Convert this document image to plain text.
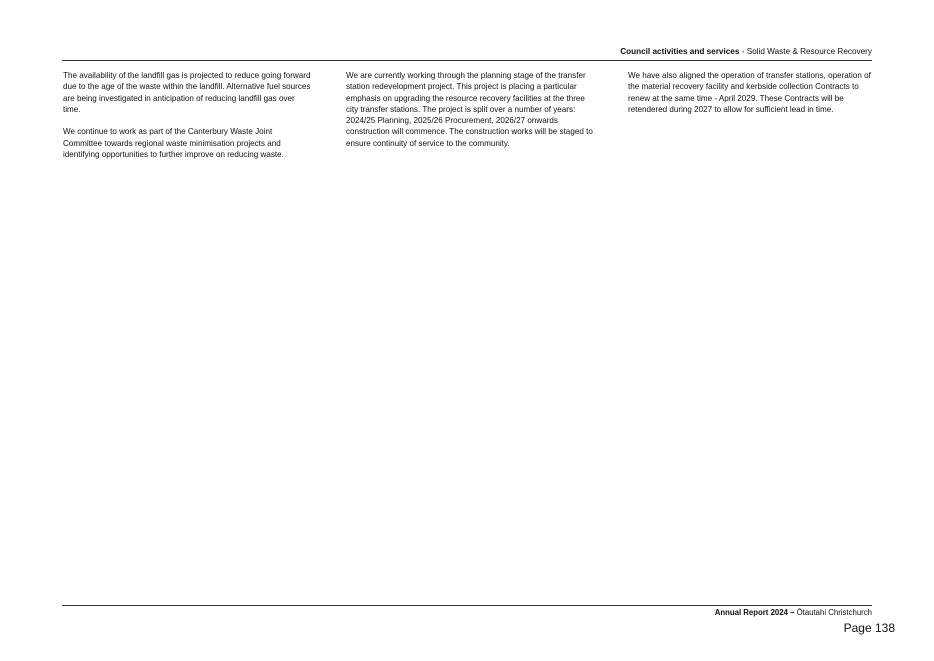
Council activities and services - Solid Waste & Resource Recovery

The availability of the landfill gas is projected to reduce going forward due to the age of the waste within the landfill. Alternative fuel sources are being investigated in anticipation of reducing landfill gas over time.

We continue to work as part of the Canterbury Waste Joint Committee towards regional waste minimisation projects and identifying opportunities to further improve on reducing waste.

We are currently working through the planning stage of the transfer station redevelopment project. This project is placing a particular emphasis on upgrading the resource recovery facilities at the three city transfer stations. The project is split over a number of years: 2024/25 Planning, 2025/26 Procurement, 2026/27 onwards construction will commence. The construction works will be staged to ensure continuity of service to the community.

We have also aligned the operation of transfer stations, operation of the material recovery facility and kerbside collection Contracts to renew at the same time - April 2029. These Contracts will be retendered during 2027 to allow for sufficient lead in time.

Annual Report 2024 – Ōtautahi Christchurch
Page 138
